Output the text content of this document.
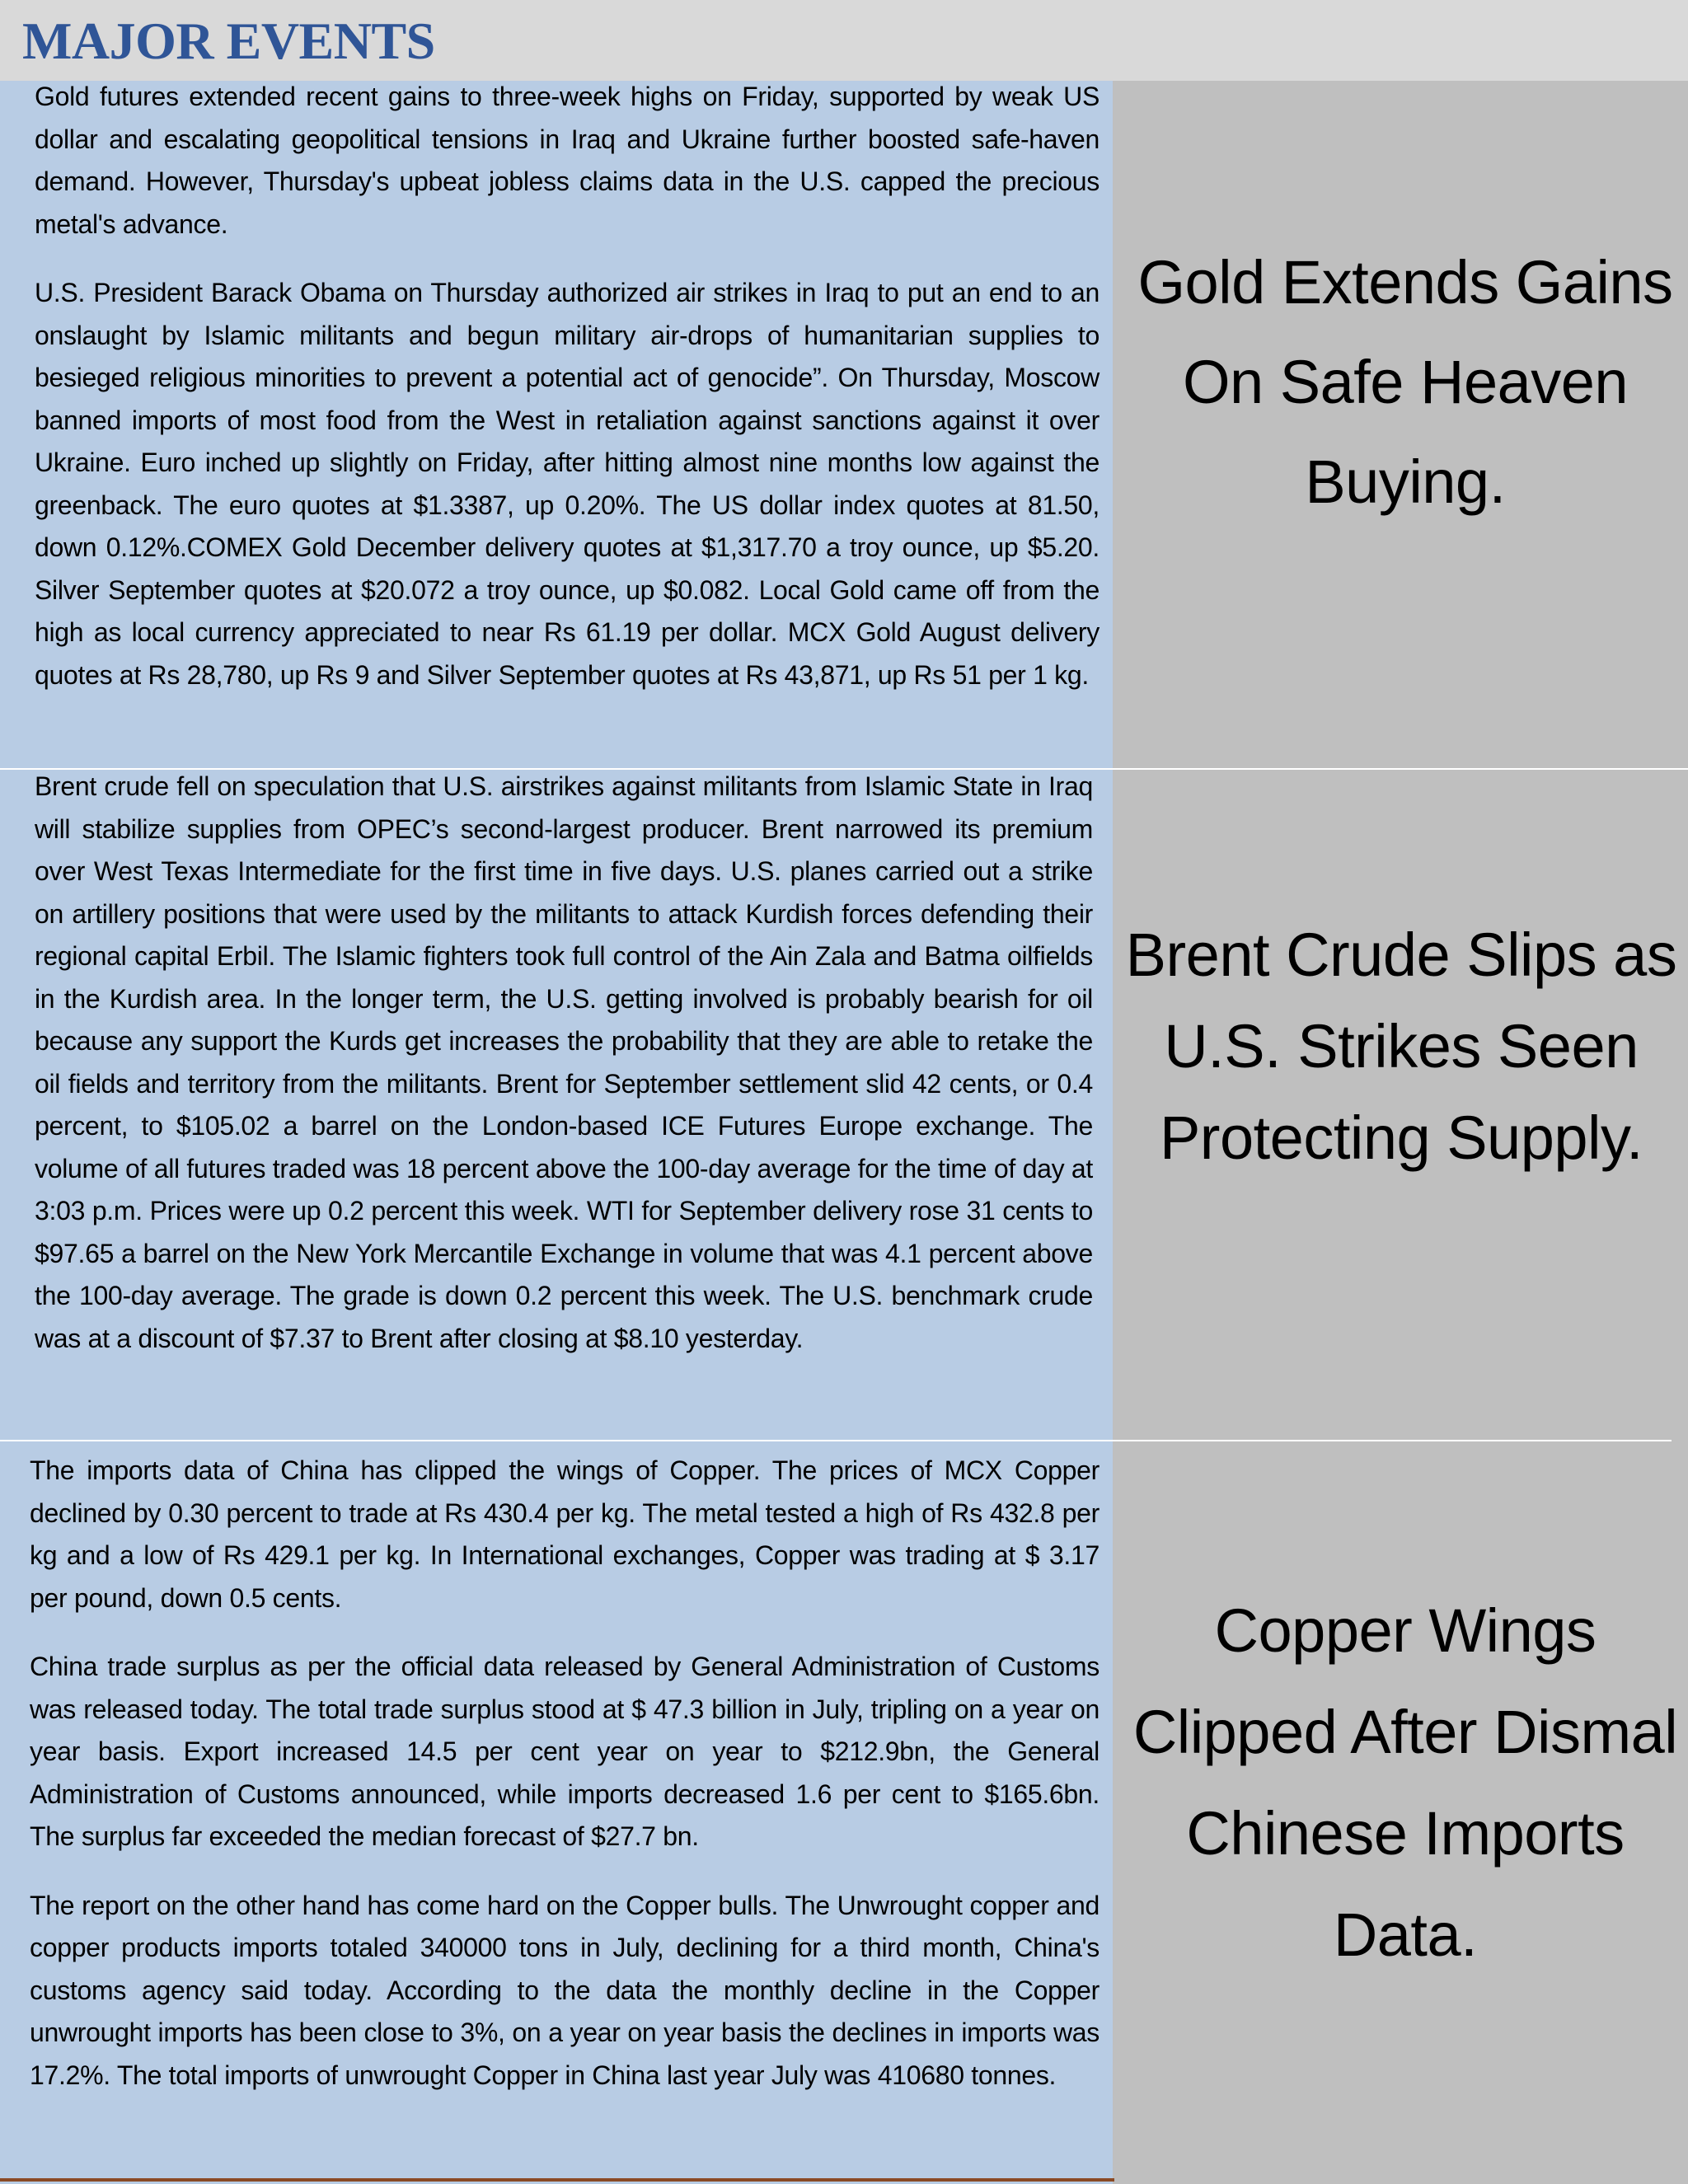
MAJOR EVENTS

Gold futures extended recent gains to three-week highs on Friday, supported by weak US dollar and escalating geopolitical tensions in Iraq and Ukraine further boosted safe-haven demand. However, Thursday's upbeat jobless claims data in the U.S. capped the precious metal's advance.

U.S. President Barack Obama on Thursday authorized air strikes in Iraq to put an end to an onslaught by Islamic militants and begun military air-drops of humanitarian supplies to besieged religious minorities to prevent a potential act of genocide”. On Thursday, Moscow banned imports of most food from the West in retaliation against sanctions against it over Ukraine. Euro inched up slightly on Friday, after hitting almost nine months low against the greenback. The euro quotes at $1.3387, up 0.20%. The US dollar index quotes at 81.50, down 0.12%.COMEX Gold December delivery quotes at $1,317.70 a troy ounce, up $5.20. Silver September quotes at $20.072 a troy ounce, up $0.082. Local Gold came off from the high as local currency appreciated to near Rs 61.19 per dollar. MCX Gold August delivery quotes at Rs 28,780, up Rs 9 and Silver September quotes at Rs 43,871, up Rs 51 per 1 kg.

Gold Extends Gains On Safe Heaven Buying.

Brent crude fell on speculation that U.S. airstrikes against militants from Islamic State in Iraq will stabilize supplies from OPEC’s second-largest producer. Brent narrowed its premium over West Texas Intermediate for the first time in five days. U.S. planes carried out a strike on artillery positions that were used by the militants to attack Kurdish forces defending their regional capital Erbil. The Islamic fighters took full control of the Ain Zala and Batma oilfields in the Kurdish area. In the longer term, the U.S. getting involved is probably bearish for oil because any support the Kurds get increases the probability that they are able to retake the oil fields and territory from the militants. Brent for September settlement slid 42 cents, or 0.4 percent, to $105.02 a barrel on the London-based ICE Futures Europe exchange. The volume of all futures traded was 18 percent above the 100-day average for the time of day at 3:03 p.m. Prices were up 0.2 percent this week. WTI for September delivery rose 31 cents to $97.65 a barrel on the New York Mercantile Exchange in volume that was 4.1 percent above the 100-day average. The grade is down 0.2 percent this week. The U.S. benchmark crude was at a discount of $7.37 to Brent after closing at $8.10 yesterday.

Brent Crude Slips as U.S. Strikes Seen Protecting Supply.

The imports data of China has clipped the wings of Copper. The prices of MCX Copper declined by 0.30 percent to trade at Rs 430.4 per kg. The metal tested a high of Rs 432.8 per kg and a low of Rs 429.1 per kg. In International exchanges, Copper was trading at $ 3.17 per pound, down 0.5 cents.

China trade surplus as per the official data released by General Administration of Customs was released today. The total trade surplus stood at $ 47.3 billion in July, tripling on a year on year basis. Export increased 14.5 per cent year on year to $212.9bn, the General Administration of Customs announced, while imports decreased 1.6 per cent to $165.6bn. The surplus far exceeded the median forecast of $27.7 bn.

The report on the other hand has come hard on the Copper bulls. The Unwrought copper and copper products imports totaled 340000 tons in July, declining for a third month, China's customs agency said today. According to the data the monthly decline in the Copper unwrought imports has been close to 3%, on a year on year basis the declines in imports was 17.2%. The total imports of unwrought Copper in China last year July was 410680 tonnes.

Copper Wings Clipped After Dismal Chinese Imports Data.
